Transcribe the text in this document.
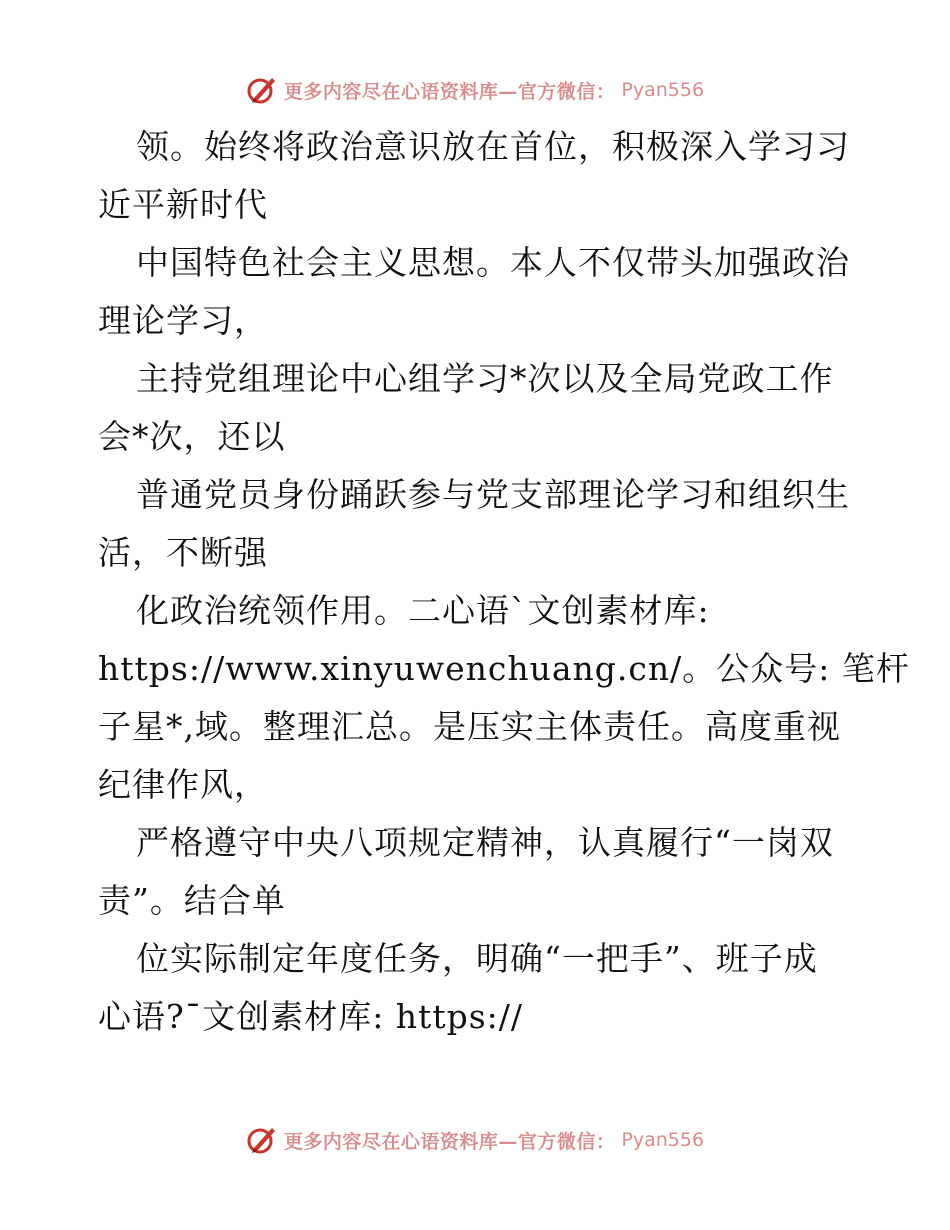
更多内容尽在心语资料库—官方微信： Pyan556
领。始终将政治意识放在首位，积极深入学习习
近平新时代
中国特色社会主义思想。本人不仅带头加强政治
理论学习，
主持党组理论中心组学习*次以及全局党政工作
会*次，还以
普通党员身份踊跃参与党支部理论学习和组织生
活，不断强
化政治统领作用。二心语`文创素材库:
https://www.xinyuwenchuang.cn/。公众号: 笔杆
子星*,域。整理汇总。是压实主体责任。高度重视
纪律作风，
严格遵守中央八项规定精神，认真履行“一岗双
责”。结合单
位实际制定年度任务，明确“一把手”、班子成
心语?¯文创素材库: https://
更多内容尽在心语资料库—官方微信： Pyan556
